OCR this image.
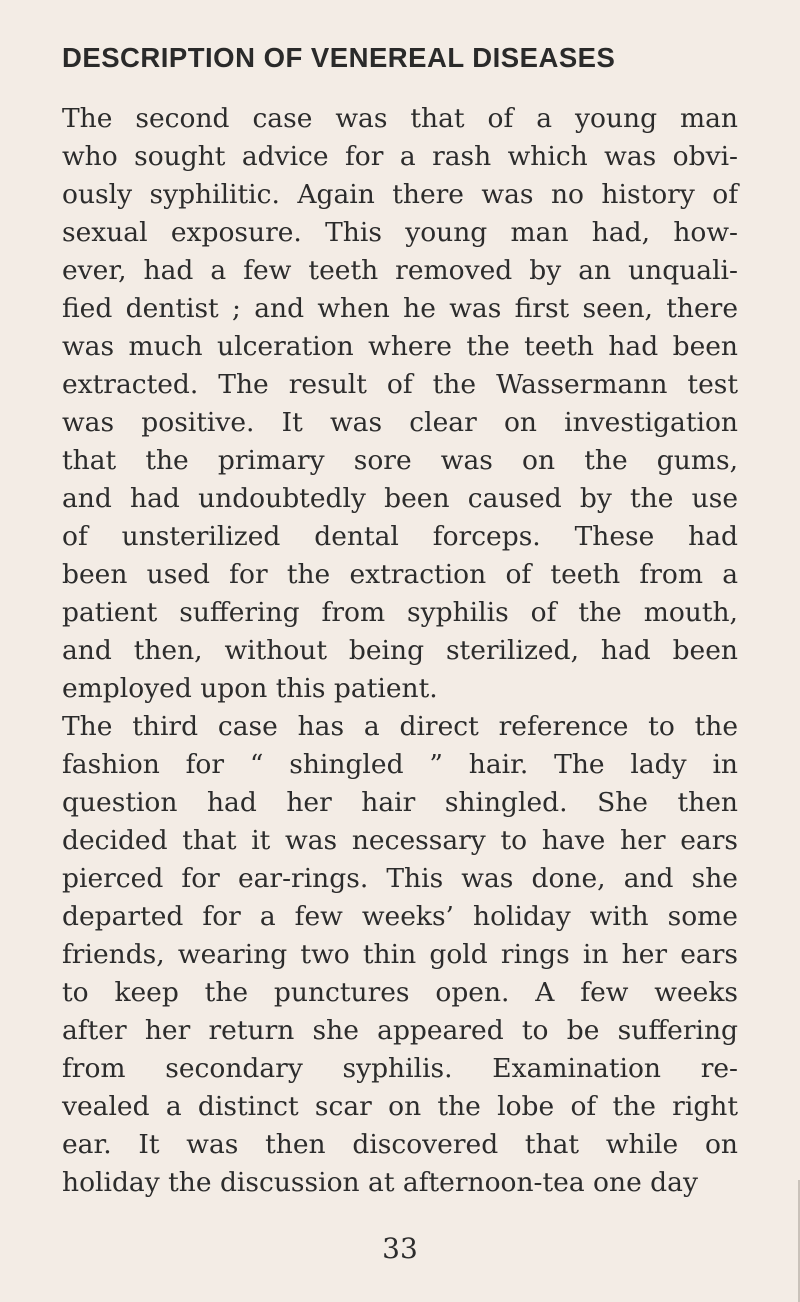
DESCRIPTION OF VENEREAL DISEASES
The second case was that of a young man
who sought advice for a rash which was obvi-
ously syphilitic. Again there was no history of
sexual exposure. This young man had, how-
ever, had a few teeth removed by an unquali-
fied dentist ; and when he was first seen, there
was much ulceration where the teeth had been
extracted. The result of the Wassermann test
was positive. It was clear on investigation
that the primary sore was on the gums,
and had undoubtedly been caused by the use
of unsterilized dental forceps. These had
been used for the extraction of teeth from a
patient suffering from syphilis of the mouth,
and then, without being sterilized, had been
employed upon this patient.
The third case has a direct reference to the
fashion for “ shingled ” hair. The lady in
question had her hair shingled. She then
decided that it was necessary to have her ears
pierced for ear-rings. This was done, and she
departed for a few weeks’ holiday with some
friends, wearing two thin gold rings in her ears
to keep the punctures open. A few weeks
after her return she appeared to be suffering
from secondary syphilis. Examination re-
vealed a distinct scar on the lobe of the right
ear. It was then discovered that while on
holiday the discussion at afternoon-tea one day
33
